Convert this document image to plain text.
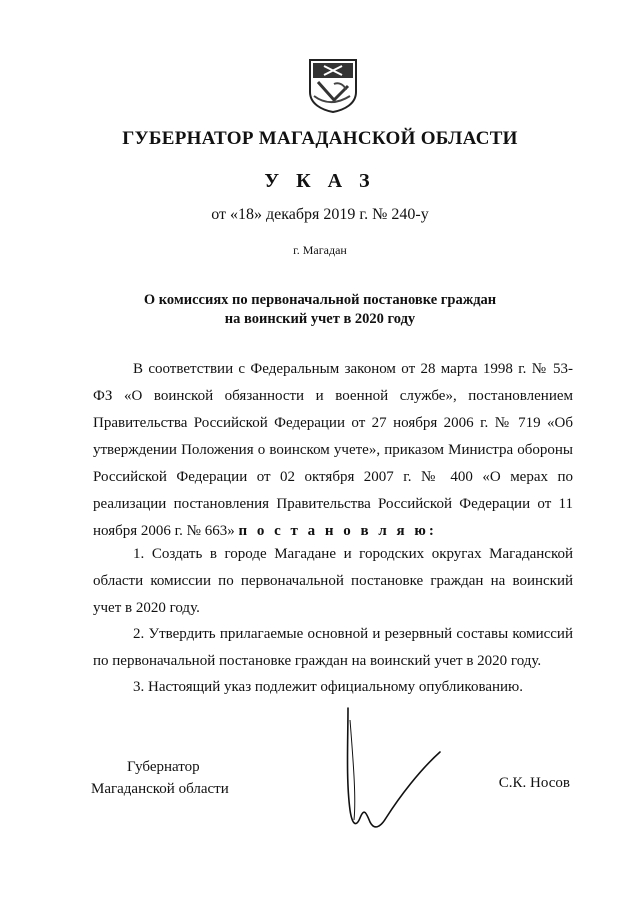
ГУБЕРНАТОР МАГАДАНСКОЙ ОБЛАСТИ
У К А З
от «18» декабря 2019 г. № 240-у
г. Магадан
О комиссиях по первоначальной постановке граждан
на воинский учет в 2020 году

В соответствии с Федеральным законом от 28 марта 1998 г. № 53-ФЗ «О воинской обязанности и военной службе», постановлением Правительства Российской Федерации от 27 ноября 2006 г. № 719 «Об утверждении Положения о воинском учете», приказом Министра обороны Российской Федерации от 02 октября 2007 г. № 400 «О мерах по реализации постановления Правительства Российской Федерации от 11 ноября 2006 г. № 663» п о с т а н о в л я ю:

1. Создать в городе Магадане и городских округах Магаданской области комиссии по первоначальной постановке граждан на воинский учет в 2020 году.

2. Утвердить прилагаемые основной и резервный составы комиссий по первоначальной постановке граждан на воинский учет в 2020 году.

3. Настоящий указ подлежит официальному опубликованию.

Губернатор
Магаданской области	С.К. Носов
